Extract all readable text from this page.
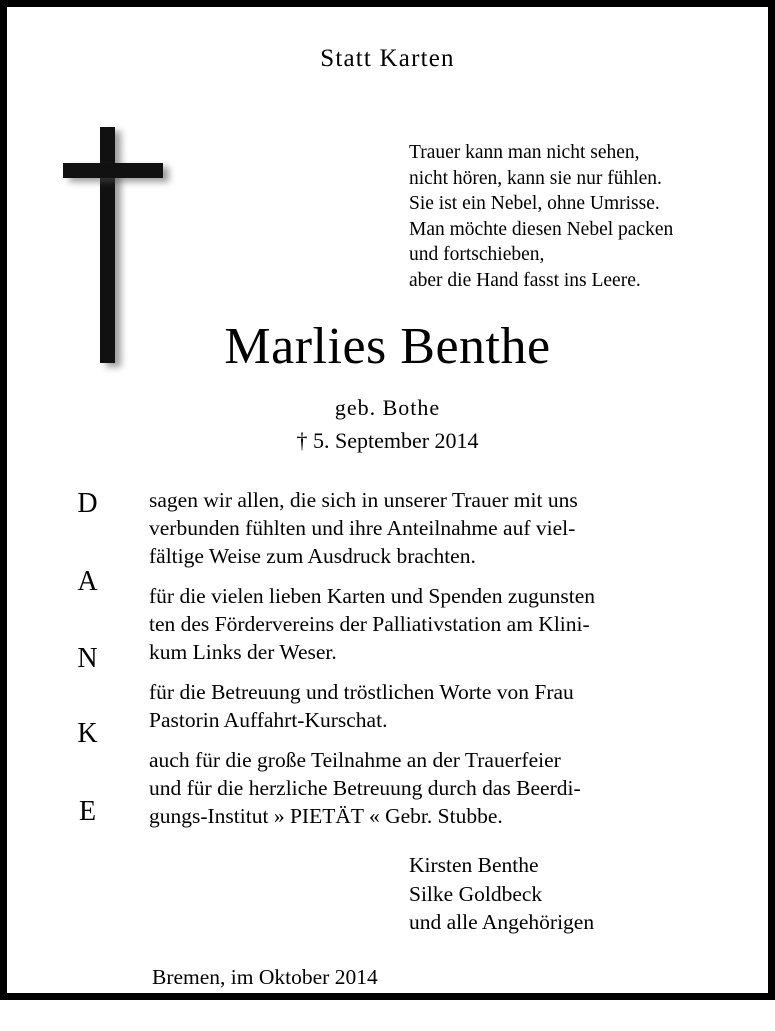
Statt Karten
Trauer kann man nicht sehen,
nicht hören, kann sie nur fühlen.
Sie ist ein Nebel, ohne Umrisse.
Man möchte diesen Nebel packen
und fortschieben,
aber die Hand fasst ins Leere.
Marlies Benthe
geb. Bothe
† 5. September 2014
D
A
N
K
E
sagen wir allen, die sich in unserer Trauer mit uns
verbunden fühlten und ihre Anteilnahme auf viel-
fältige Weise zum Ausdruck brachten.
für die vielen lieben Karten und Spenden zugunsten
ten des Fördervereins der Palliativstation am Klini-
kum Links der Weser.
für die Betreuung und tröstlichen Worte von Frau
Pastorin Auffahrt-Kurschat.
auch für die große Teilnahme an der Trauerfeier
und für die herzliche Betreuung durch das Beerdi-
gungs-Institut » PIETÄT « Gebr. Stubbe.
Kirsten Benthe
Silke Goldbeck
und alle Angehörigen
Bremen, im Oktober 2014
